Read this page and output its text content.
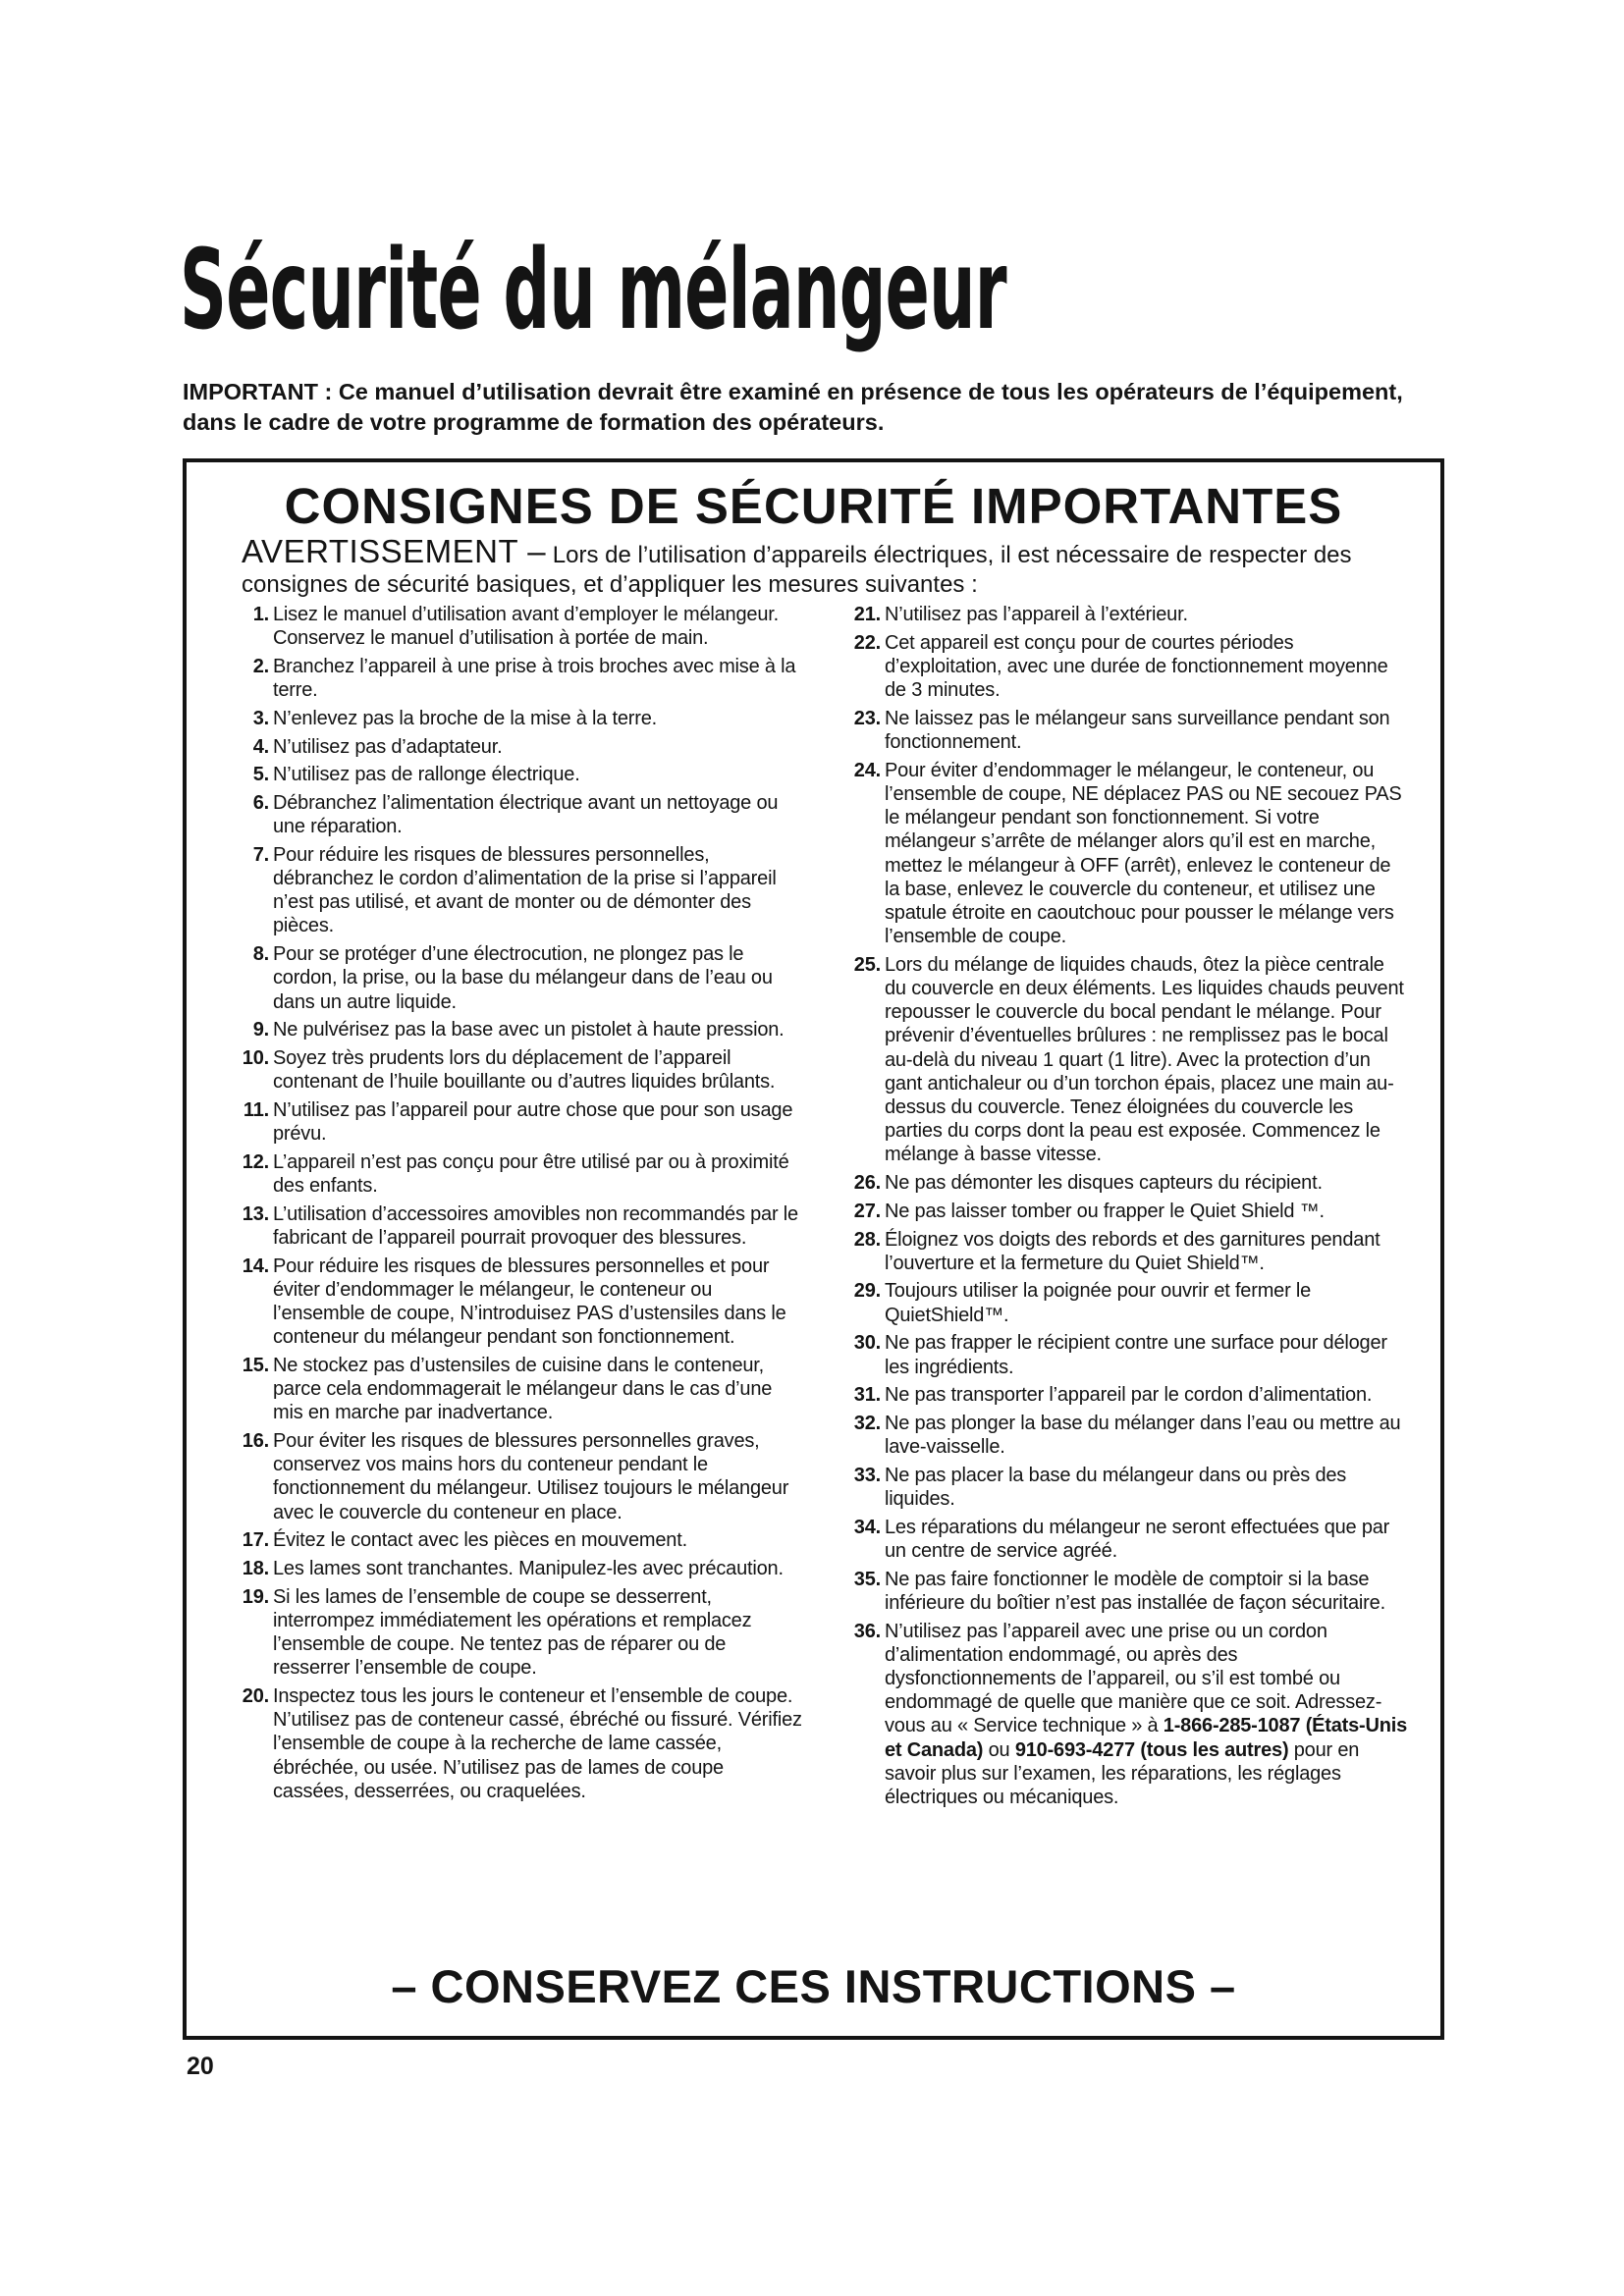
Sécurité du mélangeur
IMPORTANT : Ce manuel d’utilisation devrait être examiné en présence de tous les opérateurs de l’équipement, dans le cadre de votre programme de formation des opérateurs.
CONSIGNES DE SÉCURITÉ IMPORTANTES
AVERTISSEMENT – Lors de l’utilisation d’appareils électriques, il est nécessaire de respecter des consignes de sécurité basiques, et d’appliquer les mesures suivantes :
1 . Lisez le manuel d’utilisation avant d’employer le mélangeur. Conservez le manuel d’utilisation à portée de main.
2 . Branchez l’appareil à une prise à trois broches avec mise à la terre.
3 . N’enlevez pas la broche de la mise à la terre.
4 . N’utilisez pas d’adaptateur.
5 . N’utilisez pas de rallonge électrique.
6 . Débranchez l’alimentation électrique avant un nettoyage ou une réparation.
7 . Pour réduire les risques de blessures personnelles, débranchez le cordon d’alimentation de la prise si l’appareil n’est pas utilisé, et avant de monter ou de démonter des pièces.
8 . Pour se protéger d’une électrocution, ne plongez pas le cordon, la prise, ou la base du mélangeur dans de l’eau ou dans un autre liquide.
9 . Ne pulvérisez pas la base avec un pistolet à haute pression.
10 . Soyez très prudents lors du déplacement de l’appareil contenant de l’huile bouillante ou d’autres liquides brûlants.
11 . N’utilisez pas l’appareil pour autre chose que pour son usage prévu.
12 . L’appareil n’est pas conçu pour être utilisé par ou à proximité des enfants.
13 . L’utilisation d’accessoires amovibles non recommandés par le fabricant de l’appareil pourrait provoquer des blessures.
14 . Pour réduire les risques de blessures personnelles et pour éviter d’endommager le mélangeur, le conteneur ou l’ensemble de coupe, N’introduisez PAS d’ustensiles dans le conteneur du mélangeur pendant son fonctionnement.
15 . Ne stockez pas d’ustensiles de cuisine dans le conteneur, parce cela endommagerait le mélangeur dans le cas d’une mis en marche par inadvertance.
16 . Pour éviter les risques de blessures personnelles graves, conservez vos mains hors du conteneur pendant le fonctionnement du mélangeur. Utilisez toujours le mélangeur avec le couvercle du conteneur en place.
17 . Évitez le contact avec les pièces en mouvement.
18 . Les lames sont tranchantes. Manipulez-les avec précaution.
19 . Si les lames de l’ensemble de coupe se desserrent, interrompez immédiatement les opérations et remplacez l’ensemble de coupe. Ne tentez pas de réparer ou de resserrer l’ensemble de coupe.
20 . Inspectez tous les jours le conteneur et l’ensemble de coupe. N’utilisez pas de conteneur cassé, ébréché ou fissuré. Vérifiez l’ensemble de coupe à la recherche de lame cassée, ébréchée, ou usée. N’utilisez pas de lames de coupe cassées, desserrées, ou craquelées.
21 . N’utilisez pas l’appareil à l’extérieur.
22 . Cet appareil est conçu pour de courtes périodes d’exploitation, avec une durée de fonctionnement moyenne de 3 minutes.
23 . Ne laissez pas le mélangeur sans surveillance pendant son fonctionnement.
24 . Pour éviter d’endommager le mélangeur, le conteneur, ou l’ensemble de coupe, NE déplacez PAS ou NE secouez PAS le mélangeur pendant son fonctionnement. Si votre mélangeur s’arrête de mélanger alors qu’il est en marche, mettez le mélangeur à OFF (arrêt), enlevez le conteneur de la base, enlevez le couvercle du conteneur, et utilisez une spatule étroite en caoutchouc pour pousser le mélange vers l’ensemble de coupe.
25 . Lors du mélange de liquides chauds, ôtez la pièce centrale du couvercle en deux éléments. Les liquides chauds peuvent repousser le couvercle du bocal pendant le mélange. Pour prévenir d’éventuelles brûlures : ne remplissez pas le bocal au-delà du niveau 1 quart (1 litre). Avec la protection d’un gant antichaleur ou d’un torchon épais, placez une main au-dessus du couvercle. Tenez éloignées du couvercle les parties du corps dont la peau est exposée. Commencez le mélange à basse vitesse.
26 . Ne pas démonter les disques capteurs du récipient.
27 . Ne pas laisser tomber ou frapper le Quiet Shield ™.
28 . Éloignez vos doigts des rebords et des garnitures pendant l’ouverture et la fermeture du Quiet Shield™.
29 . Toujours utiliser la poignée pour ouvrir et fermer le QuietShield™.
30 . Ne pas frapper le récipient contre une surface pour déloger les ingrédients.
31 . Ne pas transporter l’appareil par le cordon d’alimentation.
32 . Ne pas plonger la base du mélanger dans l’eau ou mettre au lave-vaisselle.
33 . Ne pas placer la base du mélangeur dans ou près des liquides.
34 . Les réparations du mélangeur ne seront effectuées que par un centre de service agréé.
35 . Ne pas faire fonctionner le modèle de comptoir si la base inférieure du boîtier n’est pas installée de façon sécuritaire.
36 . N’utilisez pas l’appareil avec une prise ou un cordon d’alimentation endommagé, ou après des dysfonctionnements de l’appareil, ou s’il est tombé ou endommagé de quelle que manière que ce soit. Adressez-vous au « Service technique » à 1-866-285-1087 (États-Unis et Canada) ou 910-693-4277 (tous les autres) pour en savoir plus sur l’examen, les réparations, les réglages électriques ou mécaniques.
– CONSERVEZ CES INSTRUCTIONS –
20
